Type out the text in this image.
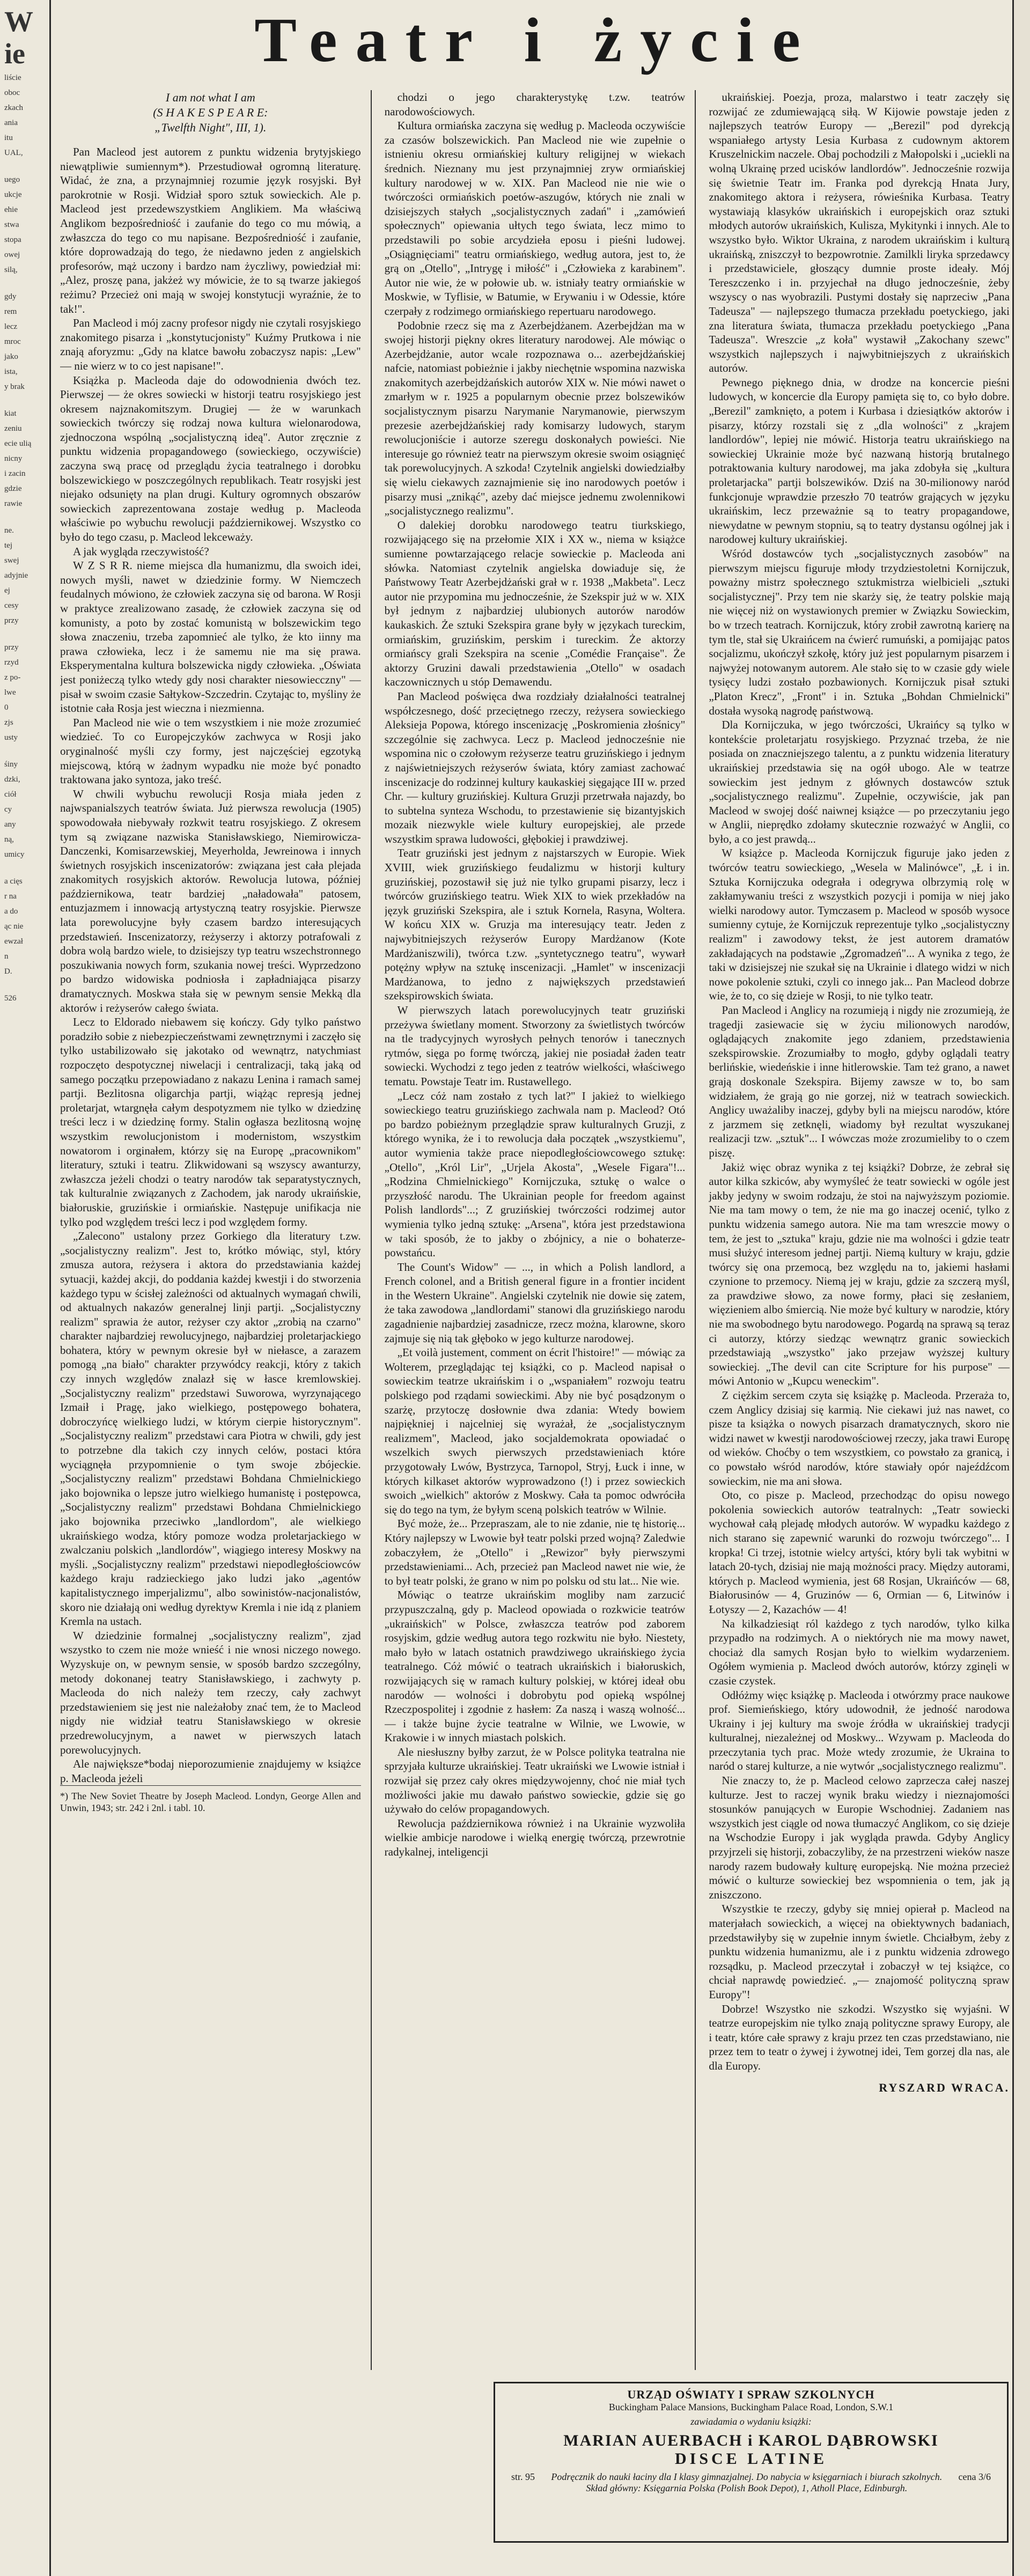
W
ie

liście

oboc

zkach

ania

itu

UAL,

uego

ukcje

ehie

stwa

stopa

owej

silą,

gdy

rem

lecz

mroc

jako

ista,

y brak

kiat

zeniu

ecie ulią

nicny

i zacin

gdzie

rawie

ne.

tej

swej

adyjnie

ej

cesy

przy

przy

rzyd

z po-

lwe

0

zjs

usty

śiny

dzki,

ciół

cy

any

ną,

umicy

a cięs

r na

a do

ąc nie

ewzał

n

D.

526

Teatr i życie
I am not what I am
(S H A K E S P E A R E:
„Twelfth Night", III, 1).

Pan Macleod jest autorem z punktu widzenia brytyjskiego niewątpliwie sumiennym*). Przestudiował ogromną literaturę. Widać, że zna, a przynajmniej rozumie język rosyjski. Był parokrotnie w Rosji. Widział sporo sztuk sowieckich. Ale p. Macleod jest przedewszystkiem Anglikiem. Ma właściwą Anglikom bezpośredniość i zaufanie do tego co mu mówią, a zwłaszcza do tego co mu napisane. Bezpośredniość i zaufanie, które doprowadzają do tego, że niedawno jeden z angielskich profesorów, mąż uczony i bardzo nam życzliwy, powiedział mi: „Alez, proszę pana, jakżeż wy mówicie, że to są twarze jakiegoś reżimu? Przecież oni mają w swojej konstytucji wyraźnie, że to tak!".

Pan Macleod i mój zacny profesor nigdy nie czytali rosyjskiego znakomitego pisarza i „konstytucjonisty" Kuźmy Prutkowa i nie znają aforyzmu: „Gdy na klatce bawołu zobaczysz napis: „Lew" — nie wierz w to co jest napisane!".

Książka p. Macleoda daje do odowodnienia dwóch tez. Pierwszej — że okres sowiecki w historji teatru rosyjskiego jest okresem najznakomitszym. Drugiej — że w warunkach sowieckich twórczy się rodzaj nowa kultura wielonarodowa, zjednoczona wspólną „socjalistyczną ideą". Autor zręcznie z punktu widzenia propagandowego (sowieckiego, oczywiście) zaczyna swą pracę od przeglądu życia teatralnego i dorobku bolszewickiego w poszczególnych republikach. Teatr rosyjski jest niejako odsunięty na plan drugi. Kultury ogromnych obszarów sowieckich zaprezentowana zostaje według p. Macleoda właściwie po wybuchu rewolucji październikowej. Wszystko co było do tego czasu, p. Macleod lekceważy.

A jak wygląda rzeczywistość?

W Z S R R. nieme miejsca dla humanizmu, dla swoich idei, nowych myśli, nawet w dziedzinie formy. W Niemczech feudalnych mówiono, że człowiek zaczyna się od barona. W Rosji w praktyce zrealizowano zasadę, że człowiek zaczyna się od komunisty, a poto by zostać komunistą w bolszewickim tego słowa znaczeniu, trzeba zapomnieć ale tylko, że kto iinny ma prawa człowieka, lecz i że samemu nie ma się prawa. Eksperymentalna kultura bolszewicka nigdy człowieka. „Oświata jest poniżeczą tylko wtedy gdy nosi charakter niesowiecczny" — pisał w swoim czasie Sałtykow-Szczedrin. Czytając to, myśliny że istotnie cała Rosja jest wieczna i niezmienna.

Pan Macleod nie wie o tem wszystkiem i nie może zrozumieć wiedzieć. To co Europejczyków zachwyca w Rosji jako oryginalność myśli czy formy, jest najczęściej egzotyką miejscową, którą w żadnym wypadku nie może być ponadto traktowana jako syntoza, jako treść.

W chwili wybuchu rewolucji Rosja miała jeden z najwspanialszych teatrów świata. Już pierwsza rewolucja (1905) spowodowała niebywały rozkwit teatru rosyjskiego. Z okresem tym są związane nazwiska Stanisławskiego, Niemirowicza-Danczenki, Komisarzewskiej, Meyerholda, Jewreinowa i innych świetnych rosyjskich inscenizatorów: związana jest cała plejada znakomitych rosyjskich aktorów. Rewolucja lutowa, później październikowa, teatr bardziej „naładowała" patosem, entuzjazmem i innowacją artystyczną teatry rosyjskie. Pierwsze lata porewolucyjne były czasem bardzo interesujących przedstawień. Inscenizatorzy, reżyserzy i aktorzy potrafowali z dobra wolą bardzo wiele, to dzisiejszy typ teatru wszechstronnego poszukiwania nowych form, szukania nowej treści. Wyprzedzono po bardzo widowiska podniosła i zapładniająca pisarzy dramatycznych. Moskwa stała się w pewnym sensie Mekką dla aktorów i reżyserów całego świata.

Lecz to Eldorado niebawem się kończy. Gdy tylko państwo poradziło sobie z niebezpieczeństwami zewnętrznymi i zaczęło się tylko ustabilizowało się jakotako od wewnątrz, natychmiast rozpoczęto despotycznej niwelacji i centralizacji, taką jaką od samego początku przepowiadano z nakazu Lenina i ramach samej partji. Bezlitosna oligarchja partji, wiążąc represją jednej proletarjat, wtargnęła całym despotyzmem nie tylko w dziedzinę treści lecz i w dziedzinę formy. Stalin ogłasza bezlitosną wojnę wszystkim rewolucjonistom i modernistom, wszystkim nowatorom i orginałem, którzy się na Europę „pracownikom" literatury, sztuki i teatru. Zlikwidowani są wszyscy awanturzy, zwłaszcza jeżeli chodzi o teatry narodów tak separatystycznych, tak kulturalnie związanych z Zachodem, jak narody ukraińskie, białoruskie, gruzińskie i ormiańskie. Następuje unifikacja nie tylko pod względem treści lecz i pod względem formy.

„Zalecono" ustalony przez Gorkiego dla literatury t.zw. „socjalistyczny realizm". Jest to, krótko mówiąc, styl, który zmusza autora, reżysera i aktora do przedstawiania każdej sytuacji, każdej akcji, do poddania każdej kwestji i do stworzenia każdego typu w ścisłej zależności od aktualnych wymagań chwili, od aktualnych nakazów generalnej linji partji. „Socjalistyczny realizm" sprawia że autor, reżyser czy aktor „zrobią na czarno" charakter najbardziej rewolucyjnego, najbardziej proletarjackiego bohatera, który w pewnym okresie był w niełasce, a zarazem pomogą „na biało" charakter przywódcy reakcji, który z takich czy innych względów znalazł się w łasce kremlowskiej. „Socjalistyczny realizm" przedstawi Suworowa, wyrzynającego Izmaił i Pragę, jako wielkiego, postępowego bohatera, dobroczyńcę wielkiego ludzi, w którym cierpie historycznym". „Socjalistyczny realizm" przedstawi cara Piotra w chwili, gdy jest to potrzebne dla takich czy innych celów, postaci która wyciągnęła przypomnienie o tym swoje zbójeckie. „Socjalistyczny realizm" przedstawi Bohdana Chmielnickiego jako bojownika o lepsze jutro wielkiego humanistę i postępowca, „Socjalistyczny realizm" przedstawi Bohdana Chmielnickiego jako bojownika przeciwko „landlordom", ale wielkiego ukraińskiego wodza, który pomoze wodza proletarjackiego w zwalczaniu polskich „landlordów", wiągiego interesy Moskwy na myśli. „Socjalistyczny realizm" przedstawi niepodległościowców każdego kraju radzieckiego jako ludzi jako „agentów kapitalistycznego imperjalizmu", albo sowinistów-nacjonalistów, skoro nie działają oni według dyrektyw Kremla i nie idą z planiem Kremla na ustach.

W dziedzinie formalnej „socjalistyczny realizm", zjad wszystko to czem nie może wnieść i nie wnosi niczego nowego. Wyzyskuje on, w pewnym sensie, w sposób bardzo szczególny, metody dokonanej teatry Stanisławskiego, i zachwyty p. Macleoda do nich należy tem rzeczy, cały zachwyt przedstawieniem się jest nie należałoby znać tem, że to Macleod nigdy nie widział teatru Stanisławskiego w okresie przedrewolucyjnym, a nawet w pierwszych latach porewolucyjnych.

Ale największe*bodaj nieporozumienie znajdujemy w książce p. Macleoda jeżeli

*) The New Soviet Theatre by Joseph Macleod. Londyn, George Allen and Unwin, 1943; str. 242 i 2nl. i tabl. 10.

chodzi o jego charakterystykę t.zw. teatrów narodowościowych.

Kultura ormiańska zaczyna się według p. Macleoda oczywiście za czasów bolszewickich. Pan Macleod nie wie zupełnie o istnieniu okresu ormiańskiej kultury religijnej w wiekach średnich. Nieznany mu jest przynajmniej zryw ormiańskiej kultury narodowej w w. XIX. Pan Macleod nie nie wie o twórczości ormiańskich poetów-aszugów, których nie znali w dzisiejszych stałych „socjalistycznych zadań" i „zamówień społecznych" opiewania ułtych tego świata, lecz mimo to przedstawili po sobie arcydzieła eposu i pieśni ludowej. „Osiągnięciami" teatru ormiańskiego, według autora, jest to, że grą on „Otello", „Intrygę i miłość" i „Człowieka z karabinem". Autor nie wie, że w połowie ub. w. istniały teatry ormiańskie w Moskwie, w Tyflisie, w Batumie, w Erywaniu i w Odessie, które czerpały z rodzimego ormiańskiego repertuaru narodowego.

Podobnie rzecz się ma z Azerbejdżanem. Azerbejdżan ma w swojej historji piękny okres literatury narodowej. Ale mówiąc o Azerbejdżanie, autor wcale rozpoznawa o... azerbejdżańskiej nafcie, natomiast pobieżnie i jakby niechętnie wspomina nazwiska znakomitych azerbejdżańskich autorów XIX w. Nie mówi nawet o zmarłym w r. 1925 a popularnym obecnie przez bolszewików socjalistycznym pisarzu Narymanie Narymanowie, pierwszym prezesie azerbejdżańskiej rady komisarzy ludowych, starym rewolucjoniście i autorze szeregu doskonałych powieści. Nie interesuje go również teatr na pierwszym okresie swoim osiągnięć tak porewolucyjnych. A szkoda! Czytelnik angielski dowiedziałby się wielu ciekawych zaznajmienie się ino narodowych poetów i pisarzy musi „znikąć", azeby dać miejsce jednemu zwolennikowi „socjalistycznego realizmu".

O dalekiej dorobku narodowego teatru tiurkskiego, rozwijającego się na przełomie XIX i XX w., niema w książce sumienne powtarzającego relacje sowieckie p. Macleoda ani słówka. Natomiast czytelnik angielska dowiaduje się, że Państwowy Teatr Azerbejdżański grał w r. 1938 „Makbeta". Lecz autor nie przypomina mu jednocześnie, że Szekspir już w w. XIX był jednym z najbardziej ulubionych autorów narodów kaukaskich. Że sztuki Szekspira grane były w językach tureckim, ormiańskim, gruzińskim, perskim i tureckim. Że aktorzy ormiańscy grali Szekspira na scenie „Comédie Française". Że aktorzy Gruzini dawali przedstawienia „Otello" w osadach kaczownicznych u stóp Demawendu.

Pan Macleod poświęca dwa rozdziały działalności teatralnej współczesnego, dość przeciętnego rzeczy, reżysera sowieckiego Aleksieja Popowa, którego inscenizację „Poskromienia złośnicy" szczególnie się zachwyca. Lecz p. Macleod jednocześnie nie wspomina nic o czołowym reżyserze teatru gruzińskiego i jednym z najświetniejszych reżyserów świata, który zamiast zachować inscenizacje do rodzinnej kultury kaukaskiej sięgające III w. przed Chr. — kultury gruzińskiej. Kultura Gruzji przetrwała najazdy, bo to subtelna synteza Wschodu, to przestawienie się bizantyjskich mozaik niezwykle wiele kultury europejskiej, ale przede wszystkim sprawa ludowości, głębokiej i prawdziwej.

Teatr gruziński jest jednym z najstarszych w Europie. Wiek XVIII, wiek gruzińskiego feudalizmu w historji kultury gruzińskiej, pozostawił się już nie tylko grupami pisarzy, lecz i twórców gruzińskiego teatru. Wiek XIX to wiek przekładów na język gruziński Szekspira, ale i sztuk Kornela, Rasyna, Woltera. W końcu XIX w. Gruzja ma interesujący teatr. Jeden z najwybitniejszych reżyserów Europy Mardżanow (Kote Mardżaniszwili), twórca t.zw. „syntetycznego teatru", wywarł potężny wpływ na sztukę inscenizacji. „Hamlet" w inscenizacji Mardżanowa, to jedno z największych przedstawień szekspirowskich świata.

W pierwszych latach porewolucyjnych teatr gruziński przeżywa świetlany moment. Stworzony za świetlistych twórców na tle tradycyjnych wyrosłych pełnych tenorów i tanecznych rytmów, sięga po formę twórczą, jakiej nie posiadał żaden teatr sowiecki. Wychodzi z tego jeden z teatrów wielkości, właściwego tematu. Powstaje Teatr im. Rustawellego.

„Lecz cóż nam zostało z tych lat?" I jakież to wielkiego sowieckiego teatru gruzińskiego zachwala nam p. Macleod? Otó po bardzo pobieżnym przeglądzie spraw kulturalnych Gruzji, z którego wynika, że i to rewolucja dała początek „wszystkiemu", autor wymienia także prace niepodległościowcowego sztukę: „Otello", „Król Lir", „Urjela Akosta", „Wesele Figara"!... „Rodzina Chmielnickiego" Kornijczuka, sztukę o walce o przyszłość narodu. The Ukrainian people for freedom against Polish landlords"...; Z gruzińskiej twórczości rodzimej autor wymienia tylko jedną sztukę: „Arsena", która jest przedstawiona w taki sposób, że to jakby o zbójnicy, a nie o bohaterze-powstańcu.

The Count's Widow" — ..., in which a Polish landlord, a French colonel, and a British general figure in a frontier incident in the Western Ukraine". Angielski czytelnik nie dowie się zatem, że taka zawodowa „landlordami" stanowi dla gruzińskiego narodu zagadnienie najbardziej zasadnicze, rzecz można, klarowne, skoro zajmuje się nią tak głęboko w jego kulturze narodowej.

„Et voilà justement, comment on écrit l'histoire!" — mówiąc za Wolterem, przeglądając tej książki, co p. Macleod napisał o sowieckim teatrze ukraińskim i o „wspaniałem" rozwoju teatru polskiego pod rządami sowieckimi. Aby nie być posądzonym o szarżę, przytoczę dosłownie dwa zdania: Wtedy bowiem najpiękniej i najcelniej się wyrażał, że „socjalistycznym realizmem", Macleod, jako socjaldemokrata opowiadać o wszelkich swych pierwszych przedstawieniach które przygotowały Lwów, Bystrzyca, Tarnopol, Stryj, Łuck i inne, w których kilkaset aktorów wyprowadzono (!) i przez sowieckich swoich „wielkich" aktorów z Moskwy. Cała ta pomoc odwróciła się do tego na tym, że byłym sceną polskich teatrów w Wilnie.

Być może, że... Przepraszam, ale to nie zdanie, nie tę historię... Który najlepszy w Lwowie był teatr polski przed wojną? Zaledwie zobaczyłem, że „Otello" i „Rewizor" były pierwszymi przedstawieniami... Ach, przecież pan Macleod nawet nie wie, że to był teatr polski, że grano w nim po polsku od stu lat... Nie wie.

Mówiąc o teatrze ukraińskim mogliby nam zarzucić przypuszczalną, gdy p. Macleod opowiada o rozkwicie teatrów „ukraińskich" w Polsce, zwłaszcza teatrów pod zaborem rosyjskim, gdzie według autora tego rozkwitu nie było. Niestety, mało było w latach ostatnich prawdziwego ukraińskiego życia teatralnego. Cóż mówić o teatrach ukraińskich i białoruskich, rozwijających się w ramach kultury polskiej, w której ideał obu narodów — wolności i dobrobytu pod opieką wspólnej Rzeczpospolitej i zgodnie z hasłem: Za naszą i waszą wolność... — i także bujne życie teatralne w Wilnie, we Lwowie, w Krakowie i w innych miastach polskich.

Ale niesłuszny byłby zarzut, że w Polsce polityka teatralna nie sprzyjała kulturze ukraińskiej. Teatr ukraiński we Lwowie istniał i rozwijał się przez cały okres międzywojenny, choć nie miał tych możliwości jakie mu dawało państwo sowieckie, gdzie się go używało do celów propagandowych.

Rewolucja październikowa również i na Ukrainie wyzwoliła wielkie ambicje narodowe i wielką energię twórczą, przewrotnie radykalnej, inteligencji

ukraińskiej. Poezja, proza, malarstwo i teatr zaczęły się rozwijać ze zdumiewającą siłą. W Kijowie powstaje jeden z najlepszych teatrów Europy — „Berezil" pod dyrekcją wspaniałego artysty Lesia Kurbasa z cudownym aktorem Kruszelnickim naczele. Obaj pochodzili z Małopolski i „uciekli na wolną Ukrainę przed ucisków landlordów". Jednocześnie rozwija się świetnie Teatr im. Franka pod dyrekcją Hnata Jury, znakomitego aktora i reżysera, rówieśnika Kurbasa. Teatry wystawiają klasyków ukraińskich i europejskich oraz sztuki młodych autorów ukraińskich, Kuliszа, Mykitynki i innych. Ale to wszystko było. Wiktor Ukraina, z narodem ukraińskim i kulturą ukraińską, zniszczył to bezpowrotnie. Zamilkli liryka sprzedawcy i przedstawiciele, głoszący dumnie proste ideały. Mój Tereszczenko i in. przyjechał na długo jednocześnie, żeby wszyscy o nas wyobrazili. Pustymi dostały się naprzeciw „Pana Tadeusza" — najlepszego tłumacza przekładu poetyckiego, jaki zna literatura świata, tłumacza przekładu poetyckiego „Pana Tadeusza". Wreszcie „z koła" wystawił „Zakochany szewc" wszystkich najlepszych i najwybitniejszych z ukraińskich autorów.

Pewnego pięknego dnia, w drodze na koncercie pieśni ludowych, w koncercie dla Europy pamięta się to, co było dobre. „Berezil" zamknięto, a potem i Kurbasa i dziesiątków aktorów i pisarzy, którzy rozstali się z „dla wolności" z „krajem landlordów", lepiej nie mówić. Historja teatru ukraińskiego na sowieckiej Ukrainie może być nazwaną historją brutalnego potraktowania kultury narodowej, ma jaka zdobyła się „kultura proletarjacka" partji bolszewików. Dziś na 30-milionowy naród funkcjonuje wprawdzie przeszło 70 teatrów grających w języku ukraińskim, lecz przeważnie są to teatry propagandowe, niewydatne w pewnym stopniu, są to teatry dystansu ogólnej jak i narodowej kultury ukraińskiej.

Wśród dostawców tych „socjalistycznych zasobów" na pierwszym miejscu figuruje młody trzydziestoletni Kornijczuk, poważny mistrz społecznego sztukmistrza wielbicieli „sztuki socjalistycznej". Przy tem nie skarży się, że teatry polskie mają nie więcej niż on wystawionych premier w Związku Sowieckim, bo w trzech teatrach. Kornijczuk, który zrobił zawrotną karierę na tym tle, stał się Ukraińcem na ćwierć rumuński, a pomijając patos socjalizmu, ukończył szkołę, który już jest popularnym pisarzem i najwyżej notowanym autorem. Ale stało się to w czasie gdy wiele tysięcy ludzi zostało pozbawionych. Kornijczuk pisał sztuki „Platon Krecz", „Front" i in. Sztuka „Bohdan Chmielnicki" dostała wysoką nagrodę państwową.

Dla Kornijczuka, w jego twórczości, Ukraińcy są tylko w kontekście proletarjatu rosyjskiego. Przyznać trzeba, że nie posiada on znaczniejszego talentu, a z punktu widzenia literatury ukraińskiej przedstawia się na ogół ubogo. Ale w teatrze sowieckim jest jednym z głównych dostawców sztuk „socjalistycznego realizmu". Zupełnie, oczywiście, jak pan Macleod w swojej dość naiwnej książce — po przeczytaniu jego w Anglii, nieprędko zdołamy skutecznie rozważyć w Anglii, co było, a co jest prawdą...

W książce p. Macleoda Kornijczuk figuruje jako jeden z twórców teatru sowieckiego, „Wesela w Malinówce", „Ł i in. Sztuka Kornijczuka odegrała i odegrywa olbrzymią rolę w zakłamywaniu treści z wszystkich pozycji i pomija w niej jako wielki narodowy autor. Tymczasem p. Macleod w sposób wysoce sumienny cytuje, że Kornijczuk reprezentuje tylko „socjalistyczny realizm" i zawodowy tekst, że jest autorem dramatów zakładających na podstawie „Zgromadzeń"... A wynika z tego, że taki w dzisiejszej nie szukał się na Ukrainie i dlatego widzi w nich nowe pokolenie sztuki, czyli co innego jak... Pan Macleod dobrze wie, że to, co się dzieje w Rosji, to nie tylko teatr.

Pan Macleod i Anglicy na rozumieją i nigdy nie zrozumieją, że tragedji zasiewacie się w życiu milionowych narodów, oglądających znakomite jego zdaniem, przedstawienia szekspirowskie. Zrozumiałby to mogło, gdyby oglądali teatry berlińskie, wiedeńskie i inne hitlerowskie. Tam też grano, a nawet grają doskonale Szekspira. Bijemy zawsze w to, bo sam widziałem, że grają go nie gorzej, niż w teatrach sowieckich. Anglicy uważaliby inaczej, gdyby byli na miejscu narodów, które z jarzmem się zetknęli, wiadomy był rezultat wyszukanej realizacji tzw. „sztuk"... I wówczas może zrozumieliby to o czem piszę.

Jakiż więc obraz wynika z tej książki? Dobrze, że zebrał się autor kilka szkiców, aby wymyśleć że teatr sowiecki w ogóle jest jakby jedyny w swoim rodzaju, że stoi na najwyższym poziomie. Nie ma tam mowy o tem, że nie ma go inaczej ocenić, tylko z punktu widzenia samego autora. Nie ma tam wreszcie mowy o tem, że jest to „sztuka" kraju, gdzie nie ma wolności i gdzie teatr musi służyć interesom jednej partji. Niemą kultury w kraju, gdzie twórcy się ona przemocą, bez względu na to, jakiemi hasłami czynione to przemocy. Niemą jej w kraju, gdzie za szczerą myśl, za prawdziwe słowo, za nowe formy, płaci się zesłaniem, więzieniem albo śmiercią. Nie może być kultury w narodzie, który nie ma swobodnego bytu narodowego. Pogardą na sprawą są teraz ci autorzy, którzy siedząc wewnątrz granic sowieckich przedstawiają „wszystko" jako przejaw wyższej kultury sowieckiej. „The devil can cite Scripture for his purpose" — mówi Antonio w „Kupcu weneckim".

Z ciężkim sercem czyta się książkę p. Macleoda. Przeraża to, czem Anglicy dzisiaj się karmią. Nie ciekawi już nas nawet, co pisze ta książka o nowych pisarzach dramatycznych, skoro nie widzi nawet w kwestji narodowościowej rzeczy, jaka trawi Europę od wieków. Choćby o tem wszystkiem, co powstało za granicą, i co powstało wśród narodów, które stawiały opór najeźdźcom sowieckim, nie ma ani słowa.

Oto, co pisze p. Macleod, przechodząc do opisu nowego pokolenia sowieckich autorów teatralnych: „Teatr sowiecki wychował całą plejadę młodych autorów. W wypadku każdego z nich starano się zapewnić warunki do rozwoju twórczego"... I kropka! Ci trzej, istotnie wielcy artyści, który byli tak wybitni w latach 20-tych, dzisiaj nie mają możności pracy. Między autorami, których p. Macleod wymienia, jest 68 Rosjan, Ukraińców — 68, Białorusinów — 4, Gruzinów — 6, Ormian — 6, Litwinów i Łotyszy — 2, Kazachów — 4!

Na kilkadziesiąt ról każdego z tych narodów, tylko kilka przypadło na rodzimych. A o niektórych nie ma mowy nawet, chociaż dla samych Rosjan było to wielkim wydarzeniem. Ogółem wymienia p. Macleod dwóch autorów, którzy zginęli w czasie czystek.

Odłóżmy więc książkę p. Macleoda i otwórzmy prace naukowe prof. Siemieńskiego, który udowodnił, że jedność narodowa Ukrainy i jej kultury ma swoje źródła w ukraińskiej tradycji kulturalnej, niezależnej od Moskwy... Wzywam p. Macleoda do przeczytania tych prac. Może wtedy zrozumie, że Ukraina to naród o starej kulturze, a nie wytwór „socjalistycznego realizmu".

Nie znaczy to, że p. Macleod celowo zaprzecza całej naszej kulturze. Jest to raczej wynik braku wiedzy i nieznajomości stosunków panujących w Europie Wschodniej. Zadaniem nas wszystkich jest ciągle od nowa tłumaczyć Anglikom, co się dzieje na Wschodzie Europy i jak wygląda prawda. Gdyby Anglicy przyjrzeli się historji, zobaczyliby, że na przestrzeni wieków nasze narody razem budowały kulturę europejską. Nie można przecież mówić o kulturze sowieckiej bez wspomnienia o tem, jak ją zniszczono.

Wszystkie te rzeczy, gdyby się mniej opierał p. Macleod na materjałach sowieckich, a więcej na obiektywnych badaniach, przedstawiłyby się w zupełnie innym świetle. Chciałbym, żeby z punktu widzenia humanizmu, ale i z punktu widzenia zdrowego rozsądku, p. Macleod przeczytał i zobaczył w tej książce, co chciał naprawdę powiedzieć. „— znajomość polityczną spraw Europy"!

Dobrze! Wszystko nie szkodzi. Wszystko się wyjaśni. W teatrze europejskim nie tylko znają polityczne sprawy Europy, ale i teatr, które całe sprawy z kraju przez ten czas przedstawiano, nie przez tem to teatr o żywej i żywotnej idei, Tem gorzej dla nas, ale dla Europy.

RYSZARD WRACA.
URZĄD OŚWIATY I SPRAW SZKOLNYCH
Buckingham Palace Mansions, Buckingham Palace Road, London, S.W.1
zawiadamia o wydaniu książki:
MARIAN AUERBACH i KAROL DĄBROWSKI
DISCE LATINE
str. 95	Podręcznik do nauki łaciny dla I klasy gimnazjalnej. Do nabycia w księgarniach i biurach szkolnych. Skład główny: Księgarnia Polska (Polish Book Depot), 1, Atholl Place, Edinburgh.
cena 3/6
